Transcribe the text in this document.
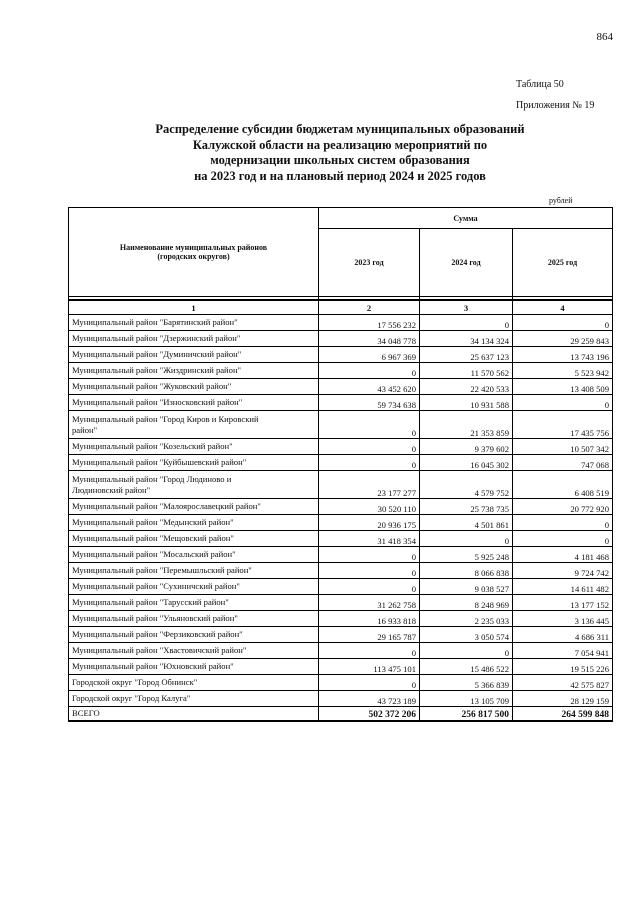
864
Таблица 50
Приложения № 19
Распределение субсидии бюджетам муниципальных образований
Калужской области на реализацию мероприятий по
модернизации школьных систем образования
на 2023 год и на плановый период 2024 и 2025 годов
рублей
Наименование муниципальных районов
(городских округов)	Сумма		
	2023 год	2024 год	2025 год

1	2	3	4

Муниципальный район "Барятинский район"	17 556 232	0	0

Муниципальный район "Дзержинский район"	34 048 778	34 134 324	29 259 843

Муниципальный район "Думиничский район"	6 967 369	25 637 123	13 743 196

Муниципальный район "Жиздринский район"	0	11 570 562	5 523 942

Муниципальный район "Жуковский район"	43 452 620	22 420 533	13 408 509

Муниципальный район "Износковский район"	59 734 638	10 931 588	0

Муниципальный район "Город Киров и Кировский
район"	0	21 353 859	17 435 756

Муниципальный район "Козельский район"	0	9 379 602	10 507 342

Муниципальный район "Куйбышевский район"	0	16 045 302	747 068

Муниципальный район "Город Людиново и
Людиновский район"	23 177 277	4 579 752	6 408 519

Муниципальный район "Малоярославецкий район"	30 520 110	25 738 735	20 772 920

Муниципальный район "Медынский район"	20 936 175	4 501 861	0

Муниципальный район "Мещовский район"	31 418 354	0	0

Муниципальный район "Мосальский район"	0	5 925 248	4 181 468

Муниципальный район "Перемышльский район"	0	8 066 838	9 724 742

Муниципальный район "Сухиничский район"	0	9 038 527	14 611 482

Муниципальный район "Тарусский район"	31 262 758	8 248 969	13 177 152

Муниципальный район "Ульяновский район"	16 933 818	2 235 033	3 136 445

Муниципальный район "Ферзиковский район"	29 165 787	3 050 574	4 686 311

Муниципальный район "Хвастовичский район"	0	0	7 054 941

Муниципальный район "Юхновский район"	113 475 101	15 486 522	19 515 226

Городской округ "Город Обнинск"	0	5 366 839	42 575 827

Городской округ "Город Калуга"	43 723 189	13 105 709	28 129 159
ВСЕГО	502 372 206	256 817 500	264 599 848
